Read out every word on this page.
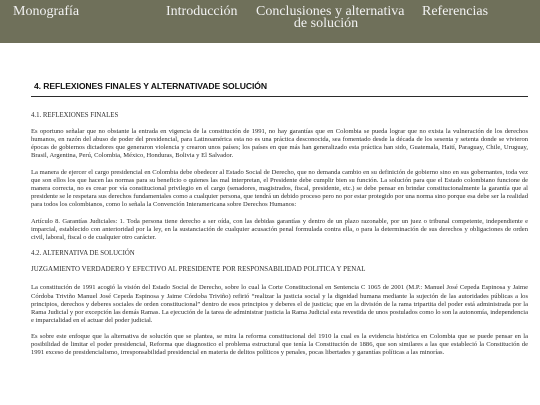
Monografía	Introducción Conclusiones y alternativa
de solución
Referencias
4. REFLEXIONES FINALES Y ALTERNATIVADE SOLUCIÓN

4.1. REFLEXIONES FINALES

Es oportuno señalar que no obstante la entrada en vigencia de la constitución de 1991, no hay garantías que en Colombia se pueda lograr que no exista la vulneración de los derechos humanos, en razón del abuso de poder del presidencial, para Latinoamérica esta no es una práctica desconocida, sea fomentado desde la década de los sesenta y setenta donde se vivieron épocas de gobiernos dictadores que generaron violencia y crearon unos países; los países en que más han generalizado esta práctica han sido, Guatemala, Haití, Paraguay, Chile, Uruguay, Brasil, Argentina, Perú, Colombia, México, Honduras, Bolivia y El Salvador.

La manera de ejercer el cargo presidencial en Colombia debe obedecer al Estado Social de Derecho, que no demanda cambio en su definición de gobierno sino en sus gobernantes, toda vez que son ellos los que hacen las normas para su beneficio o quienes las mal interpretan, el Presidente debe cumplir bien su función. La solución para que el Estado colombiano funcione de manera correcta, no es crear por vía constitucional privilegio en el cargo (senadores, magistrados, fiscal, presidente, etc.) se debe pensar en brindar constitucionalmente la garantía que al presidente se le respetara sus derechos fundamentales como a cualquier persona, que tendrá un debido proceso pero no por estar protegido por una norma sino porque esa debe ser la realidad para todos los colombianos, como lo señala la Convención Interamericana sobre Derechos Humanos:

Artículo 8. Garantías Judiciales: 1. Toda persona tiene derecho a ser oída, con las debidas garantías y dentro de un plazo razonable, por un juez o tribunal competente, independiente e imparcial, establecido con anterioridad por la ley, en la sustanciación de cualquier acusación penal formulada contra ella, o para la determinación de sus derechos y obligaciones de orden civil, laboral, fiscal o de cualquier otro carácter.

4.2. ALTERNATIVA DE SOLUCIÓN

JUZGAMIENTO VERDADERO Y EFECTIVO AL PRESIDENTE POR RESPONSABILIDAD POLITICA Y PENAL

La constitución de 1991 acogió la visión del Estado Social de Derecho, sobre lo cual la Corte Constitucional en Sentencia C 1065 de 2001 (M.P.: Manuel José Cepeda Espinosa y Jaime Córdoba Triviño Manuel José Cepeda Espinosa y Jaime Córdoba Triviño) refirió “realizar la justicia social y la dignidad humana mediante la sujeción de las autoridades públicas a los principios, derechos y deberes sociales de orden constitucional” dentro de esos principios y deberes el de justicia; que en la división de la rama tripartita del poder está administrada por la Rama Judicial y por excepción las demás Ramas. La ejecución de la tarea de administrar justicia la Rama Judicial esta revestida de unos postulados como lo son la autonomía, independencia e imparcialidad en el actuar del poder judicial.

Es sobre este enfoque que la alternativa de solución que se plantea, se mira la reforma constitucional del 1910 la cual es la evidencia histórica en Colombia que se puede pensar en la posibilidad de limitar el poder presidencial, Reforma que diagnostico el problema estructural que tenía la Constitución de 1886, que son similares a las que estableció la Constitución de 1991 exceso de presidencialismo, irresponsabilidad presidencial en materia de delitos políticos y penales, pocas libertades y garantías políticas a las minorías.
